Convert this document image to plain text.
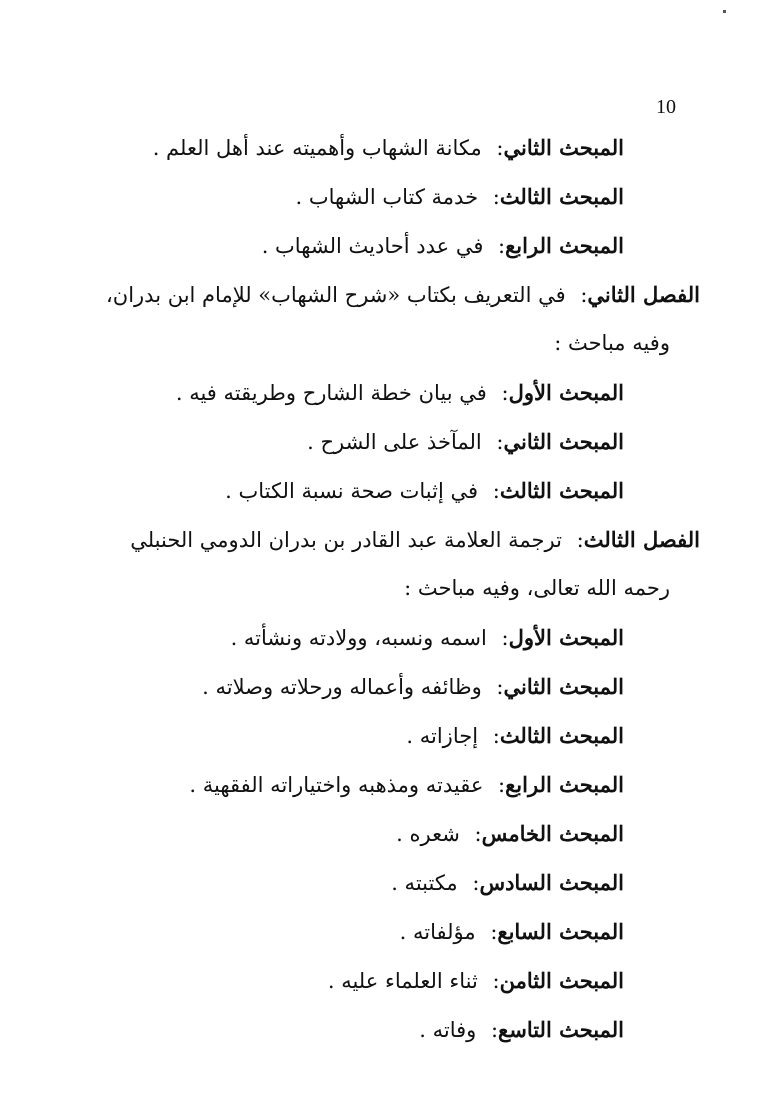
10
المبحث الثاني: مكانة الشهاب وأهميته عند أهل العلم .
المبحث الثالث: خدمة كتاب الشهاب .
المبحث الرابع: في عدد أحاديث الشهاب .
الفصل الثاني: في التعريف بكتاب «شرح الشهاب» للإمام ابن بدران،
وفيه مباحث :
المبحث الأول: في بيان خطة الشارح وطريقته فيه .
المبحث الثاني: المآخذ على الشرح .
المبحث الثالث: في إثبات صحة نسبة الكتاب .
الفصل الثالث: ترجمة العلامة عبد القادر بن بدران الدومي الحنبلي
رحمه الله تعالى، وفيه مباحث :
المبحث الأول: اسمه ونسبه، وولادته ونشأته .
المبحث الثاني: وظائفه وأعماله ورحلاته وصلاته .
المبحث الثالث: إجازاته .
المبحث الرابع: عقيدته ومذهبه واختياراته الفقهية .
المبحث الخامس: شعره .
المبحث السادس: مكتبته .
المبحث السابع: مؤلفاته .
المبحث الثامن: ثناء العلماء عليه .
المبحث التاسع: وفاته .
